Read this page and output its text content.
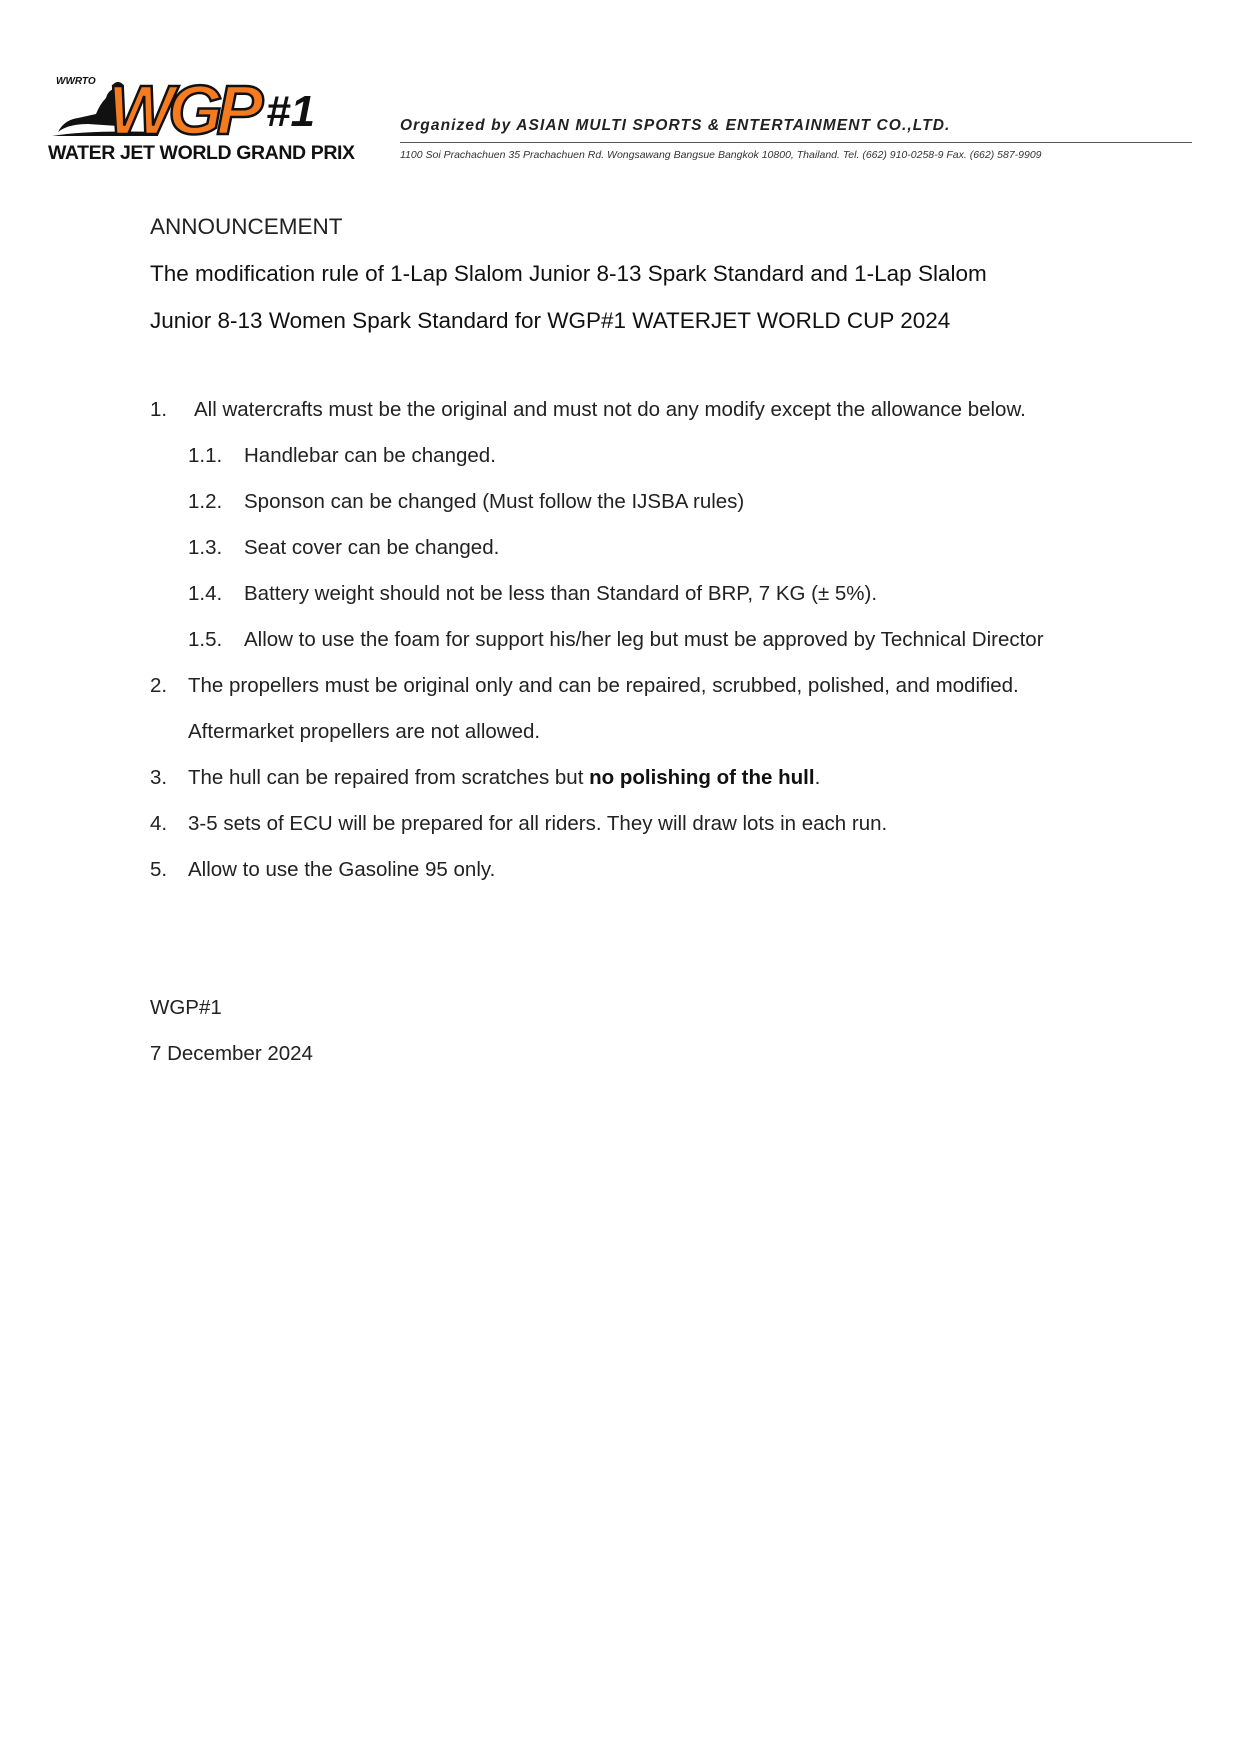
WGP #1
WWRTO
WATER JET WORLD GRAND PRIX
Organized by ASIAN MULTI SPORTS & ENTERTAINMENT CO.,LTD.
1100 Soi Prachachuen 35 Prachachuen Rd. Wongsawang Bangsue Bangkok 10800, Thailand. Tel. (662) 910-0258-9 Fax. (662) 587-9909
ANNOUNCEMENT
The modification rule of 1-Lap Slalom Junior 8-13 Spark Standard and 1-Lap Slalom
Junior 8-13 Women Spark Standard for WGP#1 WATERJET WORLD CUP 2024
1. All watercrafts must be the original and must not do any modify except the allowance below.
1.1. Handlebar can be changed.
1.2. Sponson can be changed (Must follow the IJSBA rules)
1.3. Seat cover can be changed.
1.4. Battery weight should not be less than Standard of BRP, 7 KG (± 5%).
1.5. Allow to use the foam for support his/her leg but must be approved by Technical Director
2. The propellers must be original only and can be repaired, scrubbed, polished, and modified.
Aftermarket propellers are not allowed.
3. The hull can be repaired from scratches but no polishing of the hull.
4. 3-5 sets of ECU will be prepared for all riders. They will draw lots in each run.
5. Allow to use the Gasoline 95 only.
WGP#1
7 December 2024
